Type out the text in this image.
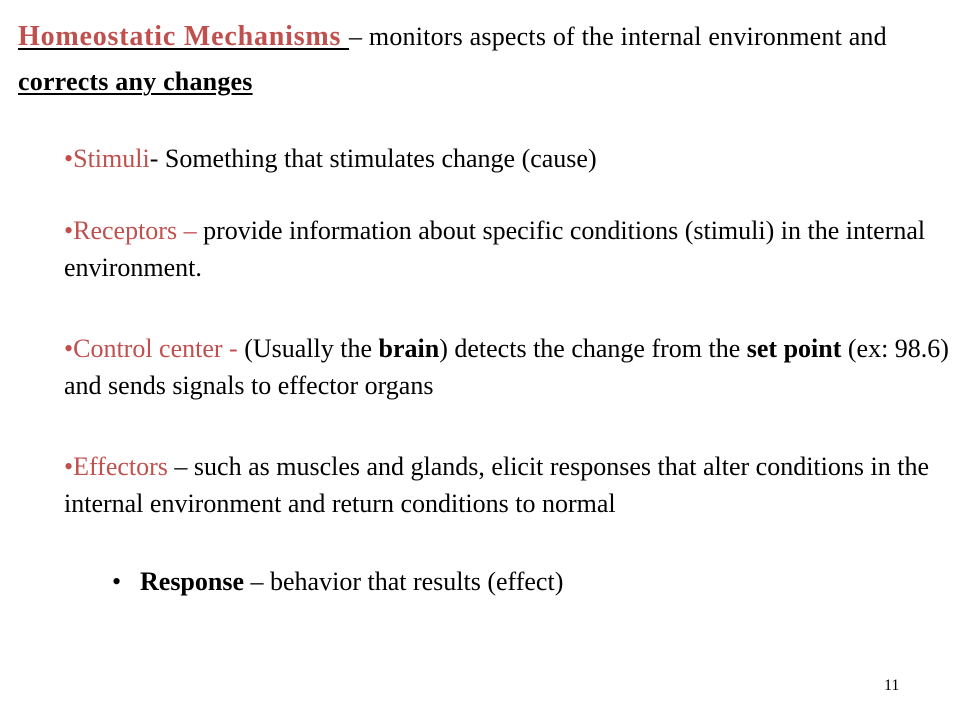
Homeostatic Mechanisms – monitors aspects of the internal environment and corrects any changes
•Stimuli- Something that stimulates change (cause)
•Receptors – provide information about specific conditions (stimuli) in the internal environment.
•Control center - (Usually the brain) detects the change from the set point (ex: 98.6) and sends signals to effector organs
•Effectors – such as muscles and glands, elicit responses that alter conditions in the internal environment and return conditions to normal
• Response – behavior that results (effect)
11
